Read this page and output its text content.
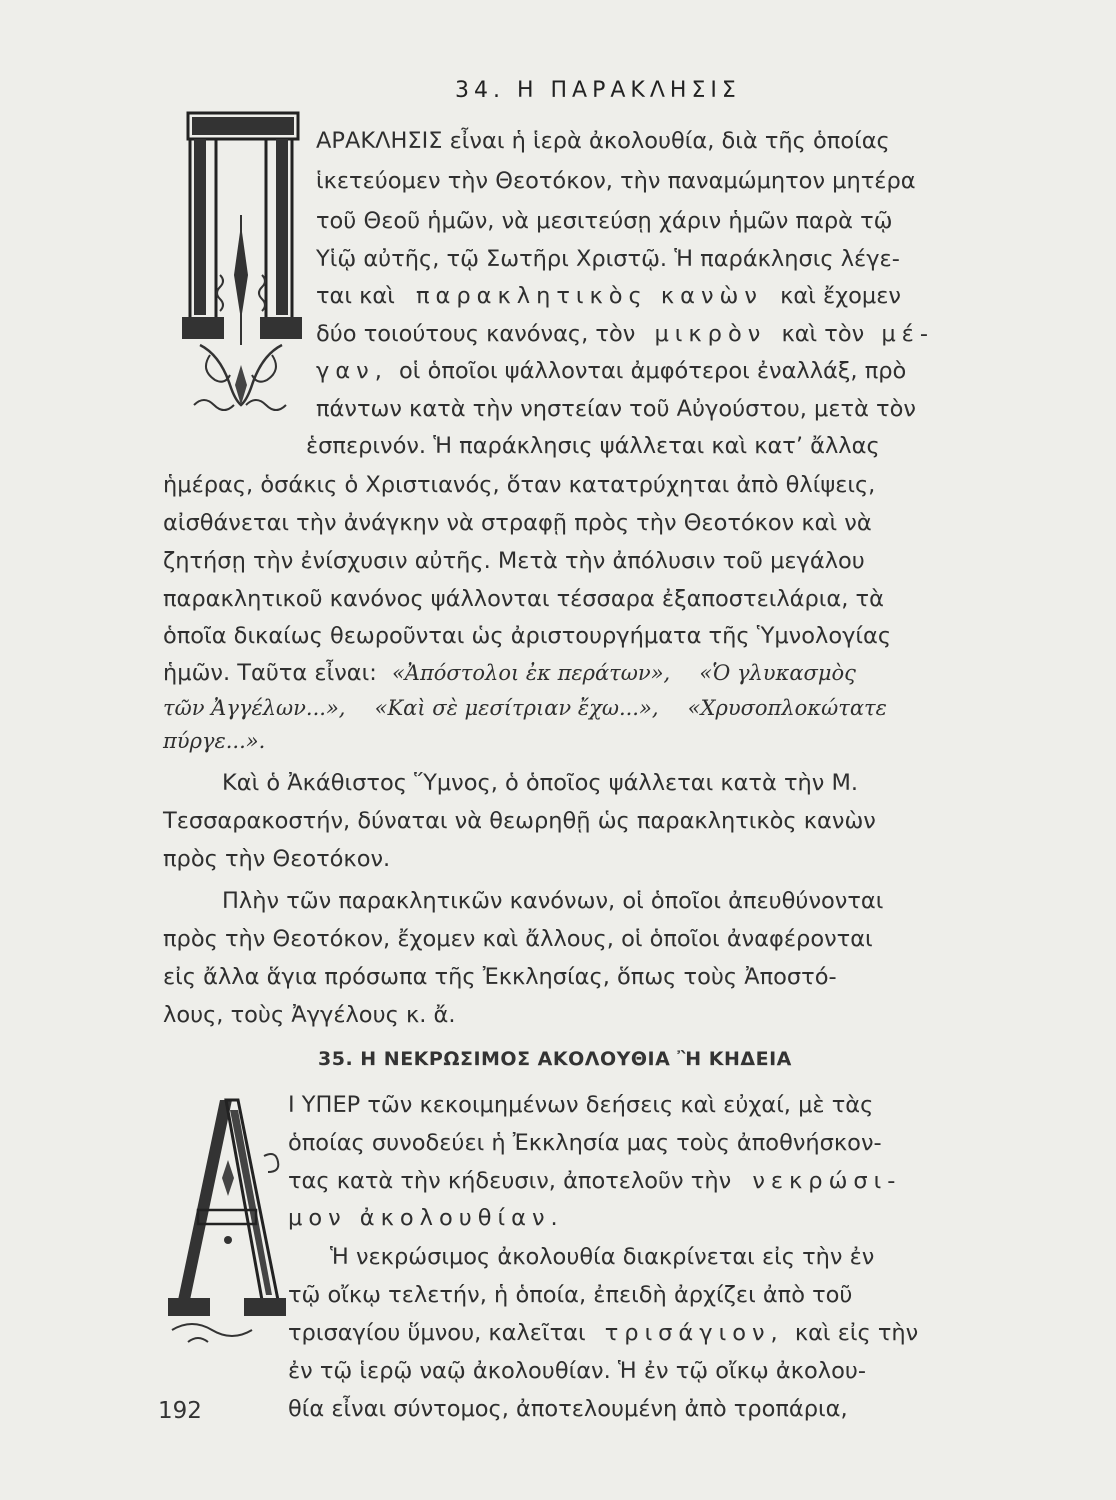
34. Η ΠΑΡΑΚΛΗΣΙΣ
ΑΡΑΚΛΗΣΙΣ εἶναι ἡ ἱερὰ ἀκολουθία, διὰ τῆς ὁποίας
ἱκετεύομεν τὴν Θεοτόκον, τὴν παναμώμητον μητέρα
τοῦ Θεοῦ ἡμῶν, νὰ μεσιτεύσῃ χάριν ἡμῶν παρὰ τῷ
Υἱῷ αὐτῆς, τῷ Σωτῆρι Χριστῷ. Ἡ παράκλησις λέγε-
ται καὶ παρακλητικὸς κανὼν καὶ ἔχομεν
δύο τοιούτους κανόνας, τὸν μικρὸν καὶ τὸν μέ-
γαν, οἱ ὁποῖοι ψάλλονται ἀμφότεροι ἐναλλάξ, πρὸ
πάντων κατὰ τὴν νηστείαν τοῦ Αὐγούστου, μετὰ τὸν
ἑσπερινόν. Ἡ παράκλησις ψάλλεται καὶ κατ’ ἄλλας
ἡμέρας, ὁσάκις ὁ Χριστιανός, ὅταν κατατρύχηται ἀπὸ θλίψεις,
αἰσθάνεται τὴν ἀνάγκην νὰ στραφῇ πρὸς τὴν Θεοτόκον καὶ νὰ
ζητήσῃ τὴν ἐνίσχυσιν αὐτῆς. Μετὰ τὴν ἀπόλυσιν τοῦ μεγάλου
παρακλητικοῦ κανόνος ψάλλονται τέσσαρα ἐξαποστειλάρια, τὰ
ὁποῖα δικαίως θεωροῦνται ὡς ἀριστουργήματα τῆς Ὑμνολογίας
ἡμῶν. Ταῦτα εἶναι: «Ἀπόστολοι ἐκ περάτων», «Ὁ γλυκασμὸς
τῶν Ἀγγέλων...», «Καὶ σὲ μεσίτριαν ἔχω...», «Χρυσοπλοκώτατε
πύργε...».
Καὶ ὁ Ἀκάθιστος Ὕμνος, ὁ ὁποῖος ψάλλεται κατὰ τὴν Μ.
Τεσσαρακοστήν, δύναται νὰ θεωρηθῇ ὡς παρακλητικὸς κανὼν
πρὸς τὴν Θεοτόκον.
Πλὴν τῶν παρακλητικῶν κανόνων, οἱ ὁποῖοι ἀπευθύνονται
πρὸς τὴν Θεοτόκον, ἔχομεν καὶ ἄλλους, οἱ ὁποῖοι ἀναφέρονται
εἰς ἄλλα ἅγια πρόσωπα τῆς Ἐκκλησίας, ὅπως τοὺς Ἀποστό-
λους, τοὺς Ἀγγέλους κ. ἄ.
35. Η ΝΕΚΡΩΣΙΜΟΣ ΑΚΟΛΟΥΘΙΑ Ἢ ΚΗΔΕΙΑ
Ι ΥΠΕΡ τῶν κεκοιμημένων δεήσεις καὶ εὐχαί, μὲ τὰς
ὁποίας συνοδεύει ἡ Ἐκκλησία μας τοὺς ἀποθνήσκον-
τας κατὰ τὴν κήδευσιν, ἀποτελοῦν τὴν νεκρώσι-
μον ἀκολουθίαν.
Ἡ νεκρώσιμος ἀκολουθία διακρίνεται εἰς τὴν ἐν
τῷ οἴκῳ τελετήν, ἡ ὁποία, ἐπειδὴ ἀρχίζει ἀπὸ τοῦ
τρισαγίου ὕμνου, καλεῖται τρισάγιον, καὶ εἰς τὴν
ἐν τῷ ἱερῷ ναῷ ἀκολουθίαν. Ἡ ἐν τῷ οἴκῳ ἀκολου-
θία εἶναι σύντομος, ἀποτελουμένη ἀπὸ τροπάρια,
192
